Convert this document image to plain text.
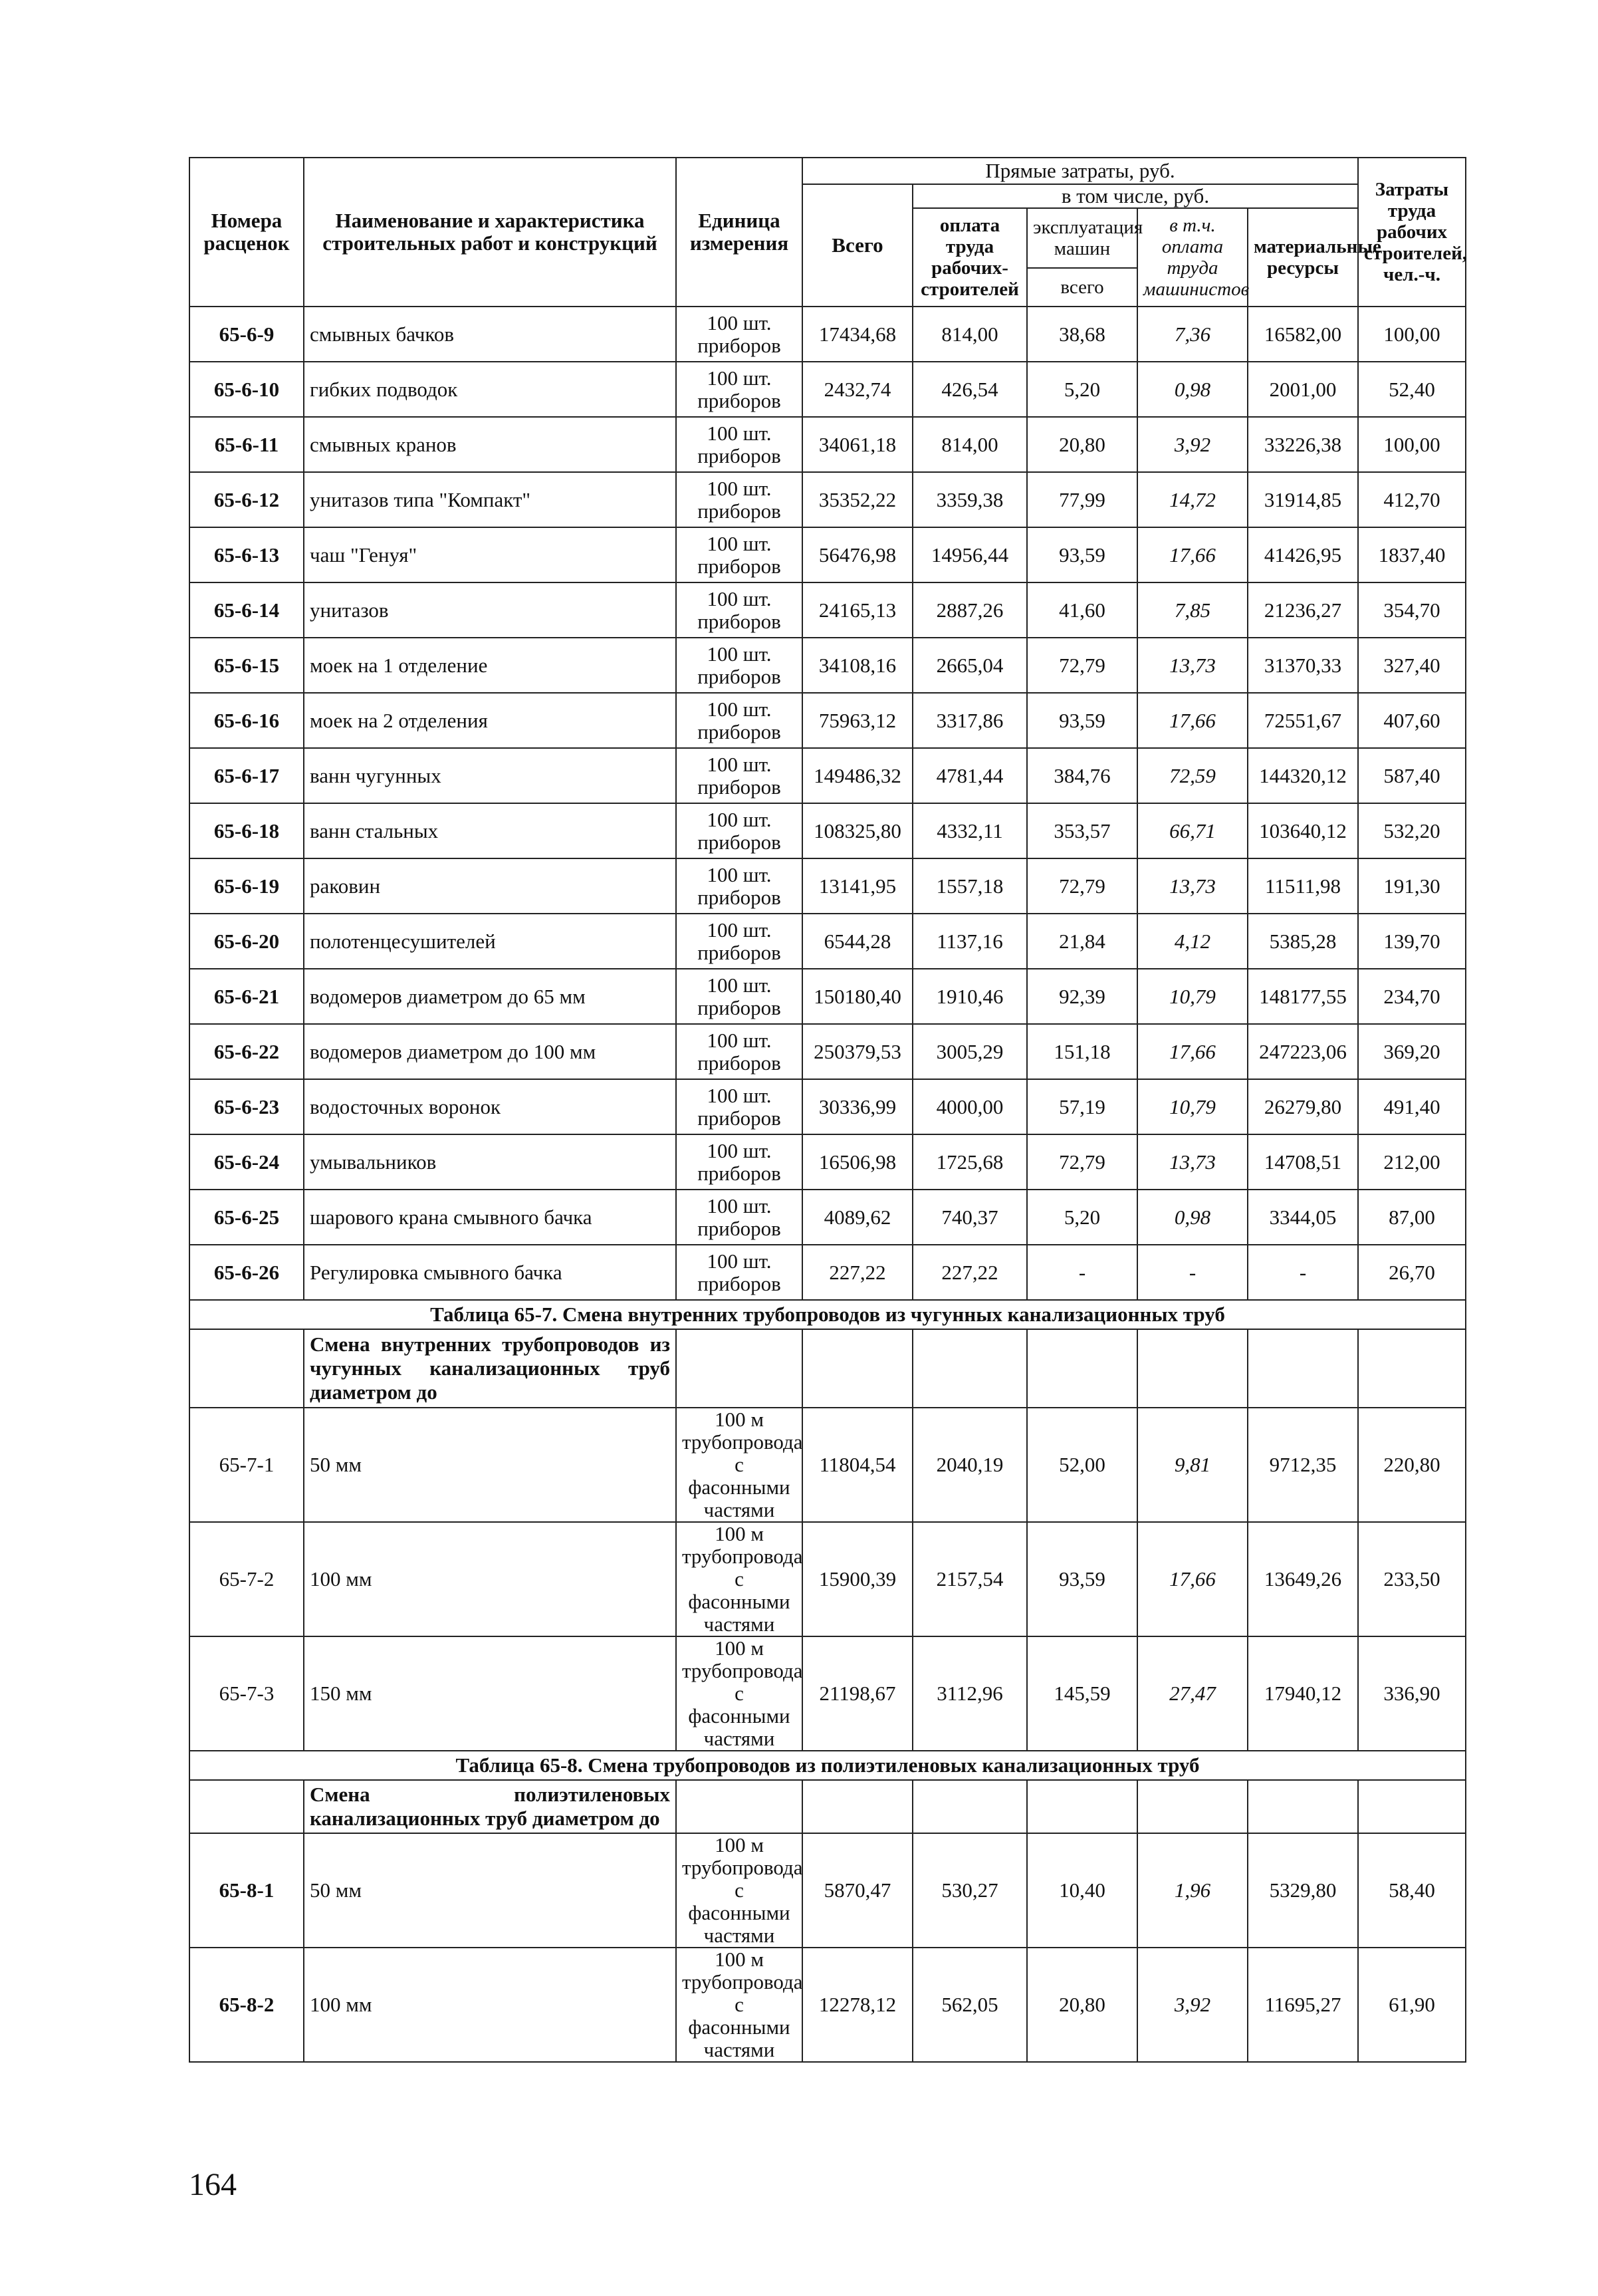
Номера расценок	Наименование и характеристика строительных работ и конструкций	Единица измерения	Прямые затраты, руб.					Затраты труда рабочих строителей, чел.-ч.
			Всего	в том числе, руб.				
				оплата труда рабочих-строителей	эксплуатация машин	в т.ч. оплата труда машинистов	материальные ресурсы	
					всего			
65-6-9	смывных бачков	100 шт. приборов	17434,68	814,00	38,68	7,36	16582,00	100,00
65-6-10	гибких подводок	100 шт. приборов	2432,74	426,54	5,20	0,98	2001,00	52,40
65-6-11	смывных кранов	100 шт. приборов	34061,18	814,00	20,80	3,92	33226,38	100,00
65-6-12	унитазов типа "Компакт"	100 шт. приборов	35352,22	3359,38	77,99	14,72	31914,85	412,70
65-6-13	чаш "Генуя"	100 шт. приборов	56476,98	14956,44	93,59	17,66	41426,95	1837,40
65-6-14	унитазов	100 шт. приборов	24165,13	2887,26	41,60	7,85	21236,27	354,70
65-6-15	моек на 1 отделение	100 шт. приборов	34108,16	2665,04	72,79	13,73	31370,33	327,40
65-6-16	моек на 2 отделения	100 шт. приборов	75963,12	3317,86	93,59	17,66	72551,67	407,60
65-6-17	ванн чугунных	100 шт. приборов	149486,32	4781,44	384,76	72,59	144320,12	587,40
65-6-18	ванн стальных	100 шт. приборов	108325,80	4332,11	353,57	66,71	103640,12	532,20
65-6-19	раковин	100 шт. приборов	13141,95	1557,18	72,79	13,73	11511,98	191,30
65-6-20	полотенцесушителей	100 шт. приборов	6544,28	1137,16	21,84	4,12	5385,28	139,70
65-6-21	водомеров диаметром до 65 мм	100 шт. приборов	150180,40	1910,46	92,39	10,79	148177,55	234,70
65-6-22	водомеров диаметром до 100 мм	100 шт. приборов	250379,53	3005,29	151,18	17,66	247223,06	369,20
65-6-23	водосточных воронок	100 шт. приборов	30336,99	4000,00	57,19	10,79	26279,80	491,40
65-6-24	умывальников	100 шт. приборов	16506,98	1725,68	72,79	13,73	14708,51	212,00
65-6-25	шарового крана смывного бачка	100 шт. приборов	4089,62	740,37	5,20	0,98	3344,05	87,00
65-6-26	Регулировка смывного бачка	100 шт. приборов	227,22	227,22	-	-	-	26,70
Таблица 65-7. Смена внутренних трубопроводов из чугунных канализационных труб								
	Смена внутренних трубопроводов из чугунных канализационных труб диаметром до							
65-7-1	50 мм	100 м трубопровода с фасонными частями	11804,54	2040,19	52,00	9,81	9712,35	220,80
65-7-2	100 мм	100 м трубопровода с фасонными частями	15900,39	2157,54	93,59	17,66	13649,26	233,50
65-7-3	150 мм	100 м трубопровода с фасонными частями	21198,67	3112,96	145,59	27,47	17940,12	336,90
Таблица 65-8. Смена трубопроводов из полиэтиленовых канализационных труб								
	Смена полиэтиленовых канализационных труб диаметром до							
65-8-1	50 мм	100 м трубопровода с фасонными частями	5870,47	530,27	10,40	1,96	5329,80	58,40
65-8-2	100 мм	100 м трубопровода с фасонными частями	12278,12	562,05	20,80	3,92	11695,27	61,90
164
